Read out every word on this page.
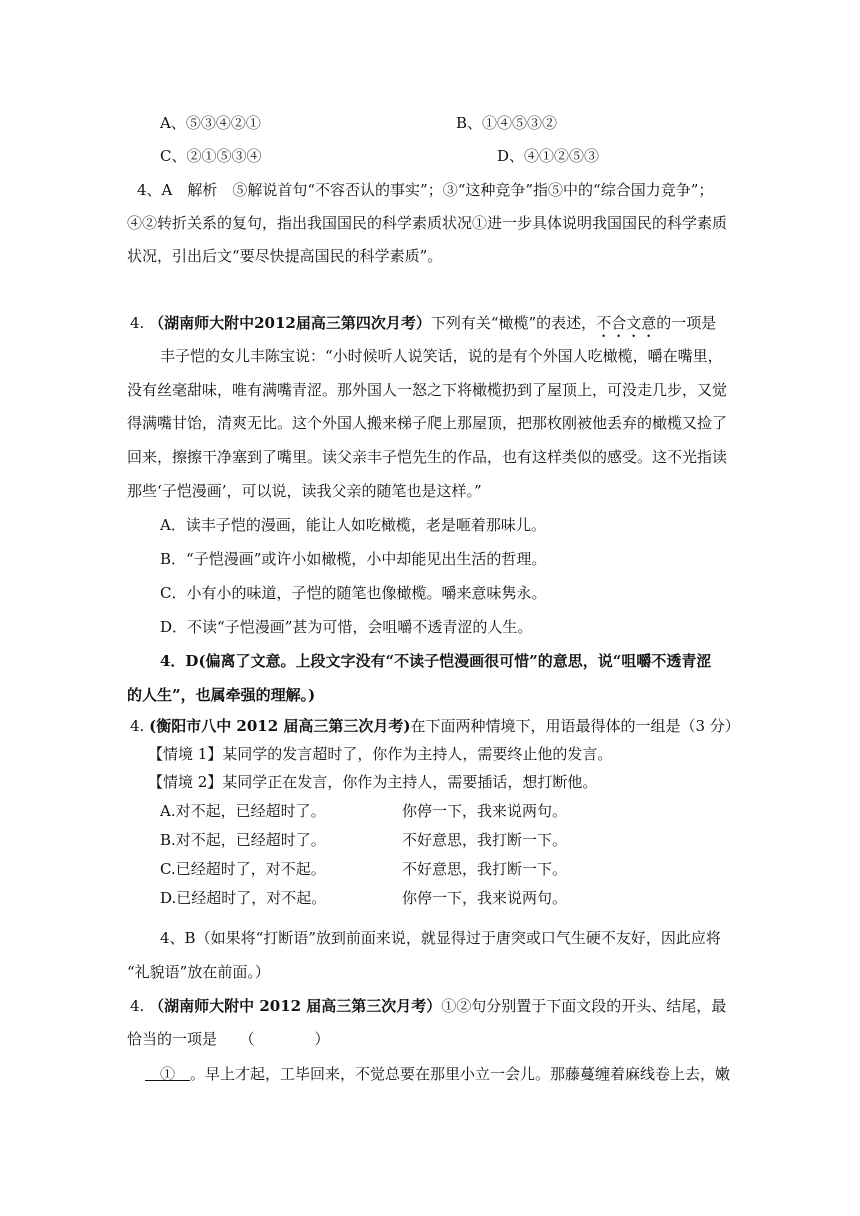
A、⑤③④②①	B、①④⑤③②
C、②①⑤③④	D、④①②⑤③
4、A　解析　⑤解说首句“不容否认的事实”；③“这种竞争”指⑤中的“综合国力竞争”；
④②转折关系的复句，指出我国国民的科学素质状况①进一步具体说明我国国民的科学素质
状况，引出后文“要尽快提高国民的科学素质”。
4. （湖南师大附中2012届高三第四次月考）下列有关“橄榄”的表述，不合文意的一项是
丰子恺的女儿丰陈宝说：“小时候听人说笑话，说的是有个外国人吃橄榄，嚼在嘴里，
没有丝毫甜味，唯有满嘴青涩。那外国人一怒之下将橄榄扔到了屋顶上，可没走几步，又觉
得满嘴甘饴，清爽无比。这个外国人搬来梯子爬上那屋顶，把那枚刚被他丢弃的橄榄又捡了
回来，擦擦干净塞到了嘴里。读父亲丰子恺先生的作品，也有这样类似的感受。这不光指读
那些‘子恺漫画’，可以说，读我父亲的随笔也是这样。”
A．读丰子恺的漫画，能让人如吃橄榄，老是咂着那味儿。
B．“子恺漫画”或许小如橄榄，小中却能见出生活的哲理。
C．小有小的味道，子恺的随笔也像橄榄。嚼来意味隽永。
D．不读“子恺漫画”甚为可惜，会咀嚼不透青涩的人生。
4．D(偏离了文意。上段文字没有“不读子恺漫画很可惜”的意思，说“咀嚼不透青涩
的人生”，也属牵强的理解。)
4. (衡阳市八中 2012 届高三第三次月考)在下面两种情境下，用语最得体的一组是（3 分）
【情境 1】某同学的发言超时了，你作为主持人，需要终止他的发言。
【情境 2】某同学正在发言，你作为主持人，需要插话，想打断他。
A.对不起，已经超时了。	你停一下，我来说两句。
B.对不起，已经超时了。	不好意思，我打断一下。
C.已经超时了，对不起。	不好意思，我打断一下。
D.已经超时了，对不起。	你停一下，我来说两句。
4、B（如果将“打断语”放到前面来说，就显得过于唐突或口气生硬不友好，因此应将
“礼貌语”放在前面。）
4. （湖南师大附中 2012 届高三第三次月考）①②句分别置于下面文段的开头、结尾，最
恰当的一项是　　（　　　　）
　①　。早上才起，工毕回来，不觉总要在那里小立一会儿。那藤蔓缠着麻线卷上去，嫩
